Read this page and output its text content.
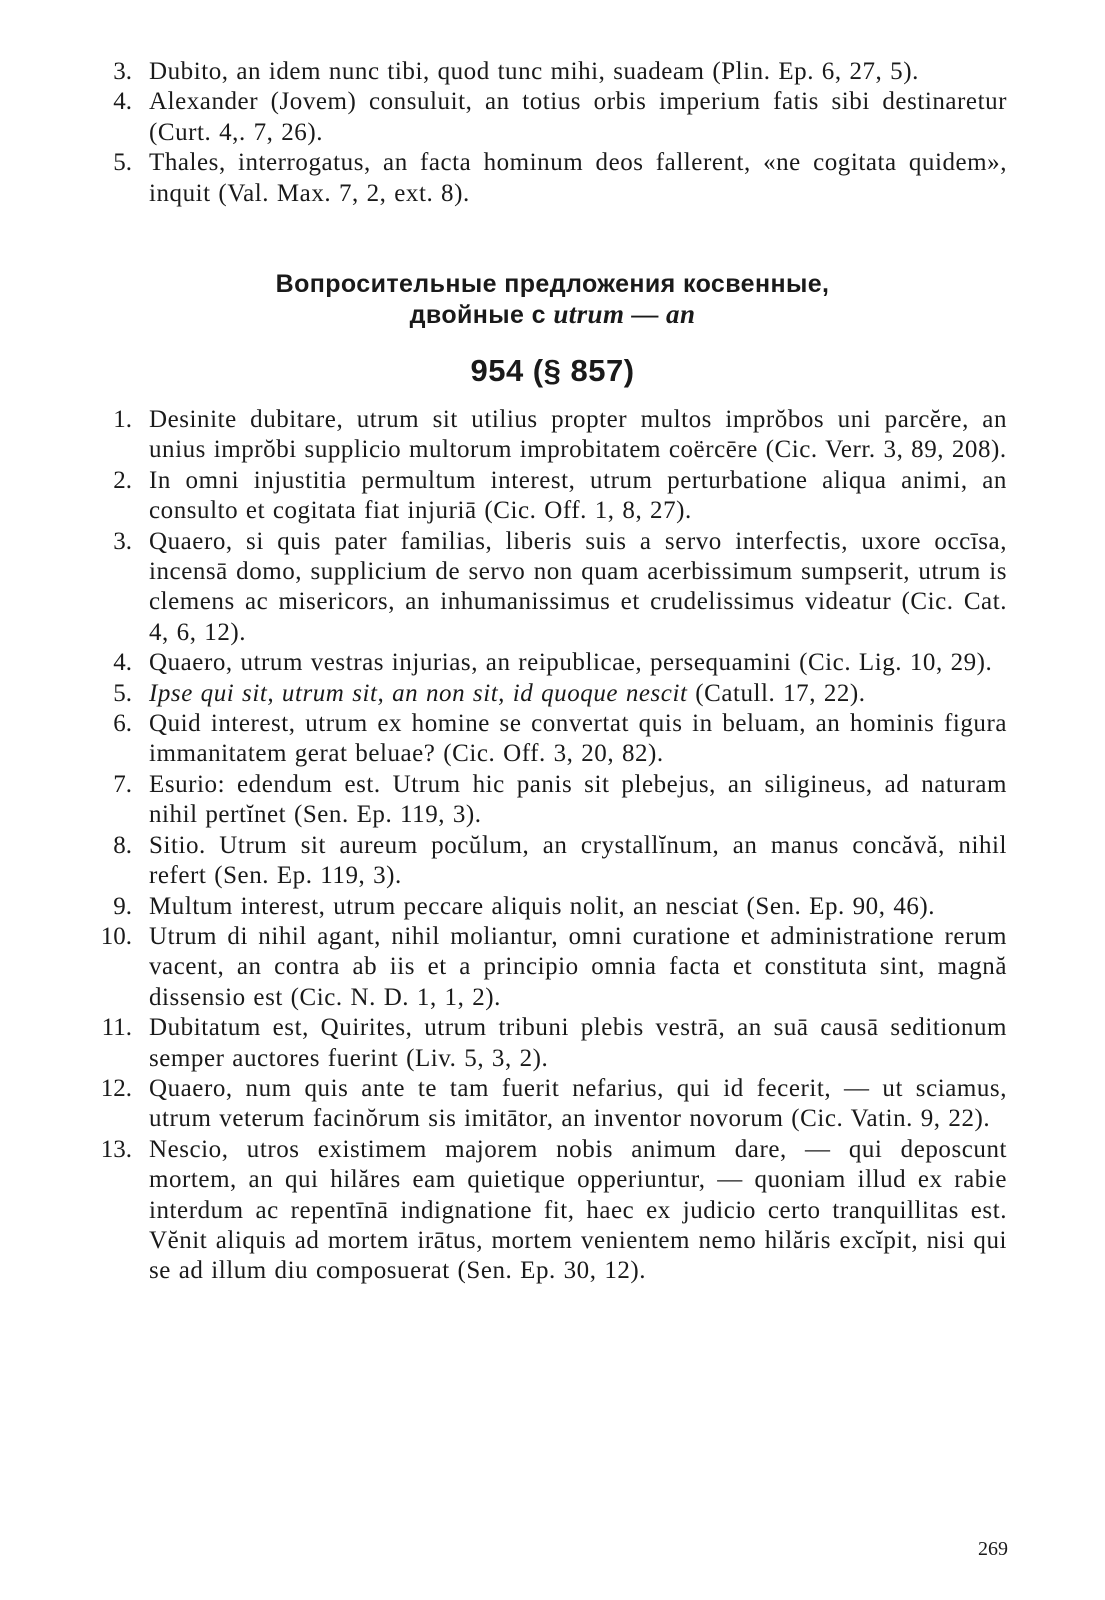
3. Dubito, an idem nunc tibi, quod tunc mihi, suadeam (Plin. Ep. 6, 27, 5).

4. Alexander (Jovem) consuluit, an totius orbis imperium fatis sibi destinaretur (Curt. 4,. 7, 26).

5. Thales, interrogatus, an facta hominum deos fallerent, «ne cogitata quidem», inquit (Val. Max. 7, 2, ext. 8).

Вопросительные предложения косвенные,
двойные с utrum — an
954 (§ 857)

1. Desinite dubitare, utrum sit utilius propter multos imprŏbos uni parcĕre, an unius imprŏbi supplicio multorum improbitatem coërcēre (Cic. Verr. 3, 89, 208).

2. In omni injustitia permultum interest, utrum perturbatione aliqua animi, an consulto et cogitata fiat injuriā (Cic. Off. 1, 8, 27).

3. Quaero, si quis pater familias, liberis suis a servo interfectis, uxore occīsa, incensā domo, supplicium de servo non quam acerbissimum sumpserit, utrum is clemens ac misericors, an inhumanissimus et crudelissimus videatur (Cic. Cat. 4, 6, 12).

4. Quaero, utrum vestras injurias, an reipublicae, persequamini (Cic. Lig. 10, 29).

5. Ipse qui sit, utrum sit, an non sit, id quoque nescit (Catull. 17, 22).

6. Quid interest, utrum ex homine se convertat quis in beluam, an hominis figura immanitatem gerat beluae? (Cic. Off. 3, 20, 82).

7. Esurio: edendum est. Utrum hic panis sit plebejus, an siligineus, ad naturam nihil pertĭnet (Sen. Ep. 119, 3).

8. Sitio. Utrum sit aureum pocŭlum, an crystallĭnum, an manus concăvă, nihil refert (Sen. Ep. 119, 3).

9. Multum interest, utrum peccare aliquis nolit, an nesciat (Sen. Ep. 90, 46).

10. Utrum di nihil agant, nihil moliantur, omni curatione et administratione rerum vacent, an contra ab iis et a principio omnia facta et constituta sint, magnă dissensio est (Cic. N. D. 1, 1, 2).

11. Dubitatum est, Quirites, utrum tribuni plebis vestrā, an suā causā seditionum semper auctores fuerint (Liv. 5, 3, 2).

12. Quaero, num quis ante te tam fuerit nefarius, qui id fecerit, — ut sciamus, utrum veterum facinŏrum sis imitātor, an inventor novorum (Cic. Vatin. 9, 22).

13. Nescio, utros existimem majorem nobis animum dare, — qui deposcunt mortem, an qui hilăres eam quietique opperiuntur, — quoniam illud ex rabie interdum ac repentīnā indignatione fit, haec ex judicio certo tranquillitas est. Vĕnit aliquis ad mortem irātus, mortem venientem nemo hilăris excĭpit, nisi qui se ad illum diu composuerat (Sen. Ep. 30, 12).

269
